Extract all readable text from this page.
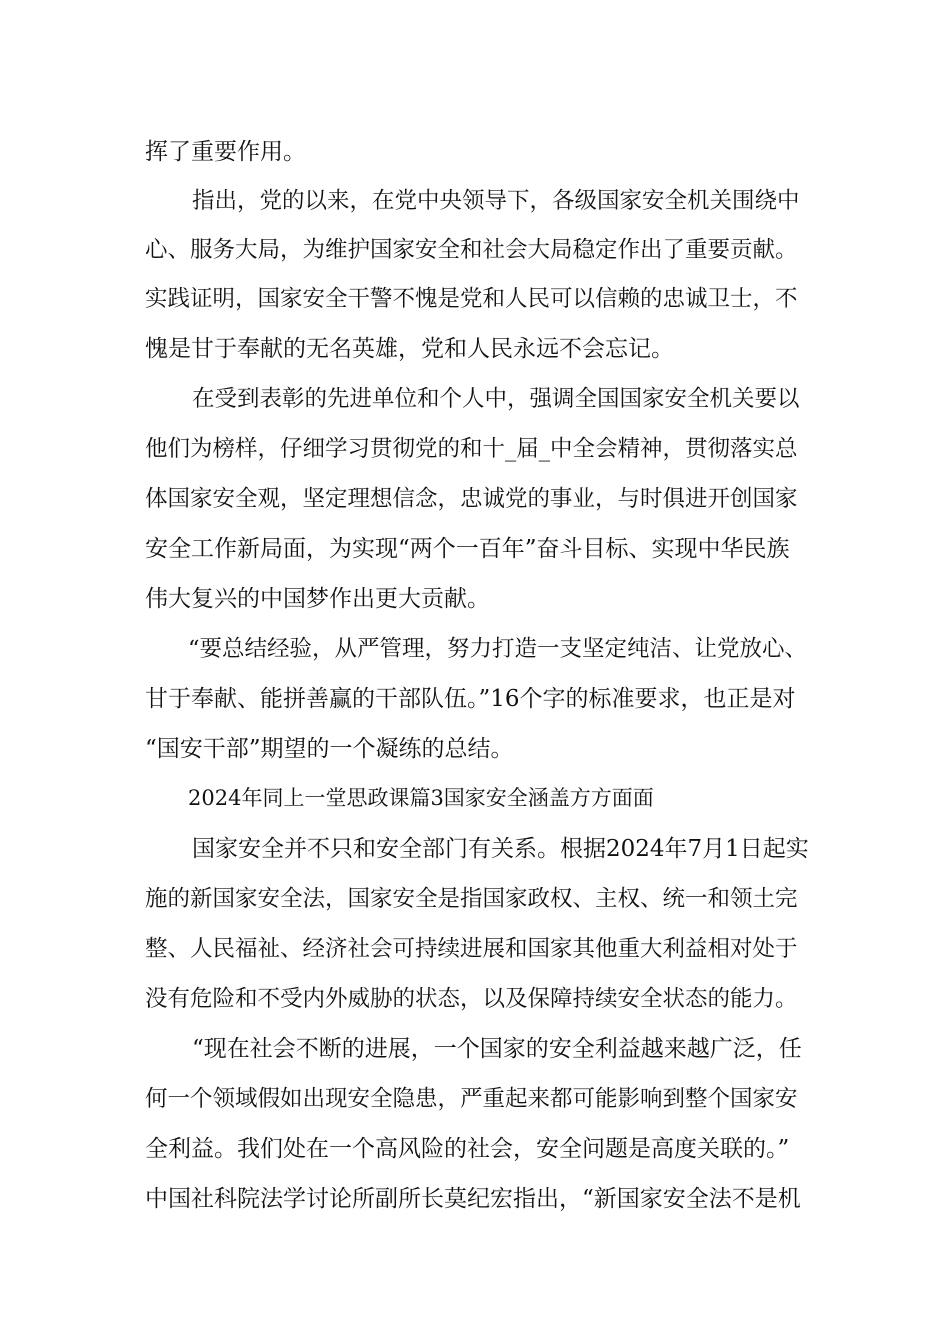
挥了重要作用。
指出，党的以来，在党中央领导下，各级国家安全机关围绕中
心、服务大局，为维护国家安全和社会大局稳定作出了重要贡献。
实践证明，国家安全干警不愧是党和人民可以信赖的忠诚卫士，不
愧是甘于奉献的无名英雄，党和人民永远不会忘记。
在受到表彰的先进单位和个人中，强调全国国家安全机关要以
他们为榜样，仔细学习贯彻党的和十_届_中全会精神，贯彻落实总
体国家安全观，坚定理想信念，忠诚党的事业，与时俱进开创国家
安全工作新局面，为实现“两个一百年”奋斗目标、实现中华民族
伟大复兴的中国梦作出更大贡献。
“要总结经验，从严管理，努力打造一支坚定纯洁、让党放心、
甘于奉献、能拼善赢的干部队伍。”16个字的标准要求，也正是对
“国安干部”期望的一个凝练的总结。
2024年同上一堂思政课篇3国家安全涵盖方方面面
国家安全并不只和安全部门有关系。根据2024年7月1日起实
施的新国家安全法，国家安全是指国家政权、主权、统一和领土完
整、人民福祉、经济社会可持续进展和国家其他重大利益相对处于
没有危险和不受内外威胁的状态，以及保障持续安全状态的能力。
“现在社会不断的进展，一个国家的安全利益越来越广泛，任
何一个领域假如出现安全隐患，严重起来都可能影响到整个国家安
全利益。我们处在一个高风险的社会，安全问题是高度关联的。”
中国社科院法学讨论所副所长莫纪宏指出，“新国家安全法不是机
